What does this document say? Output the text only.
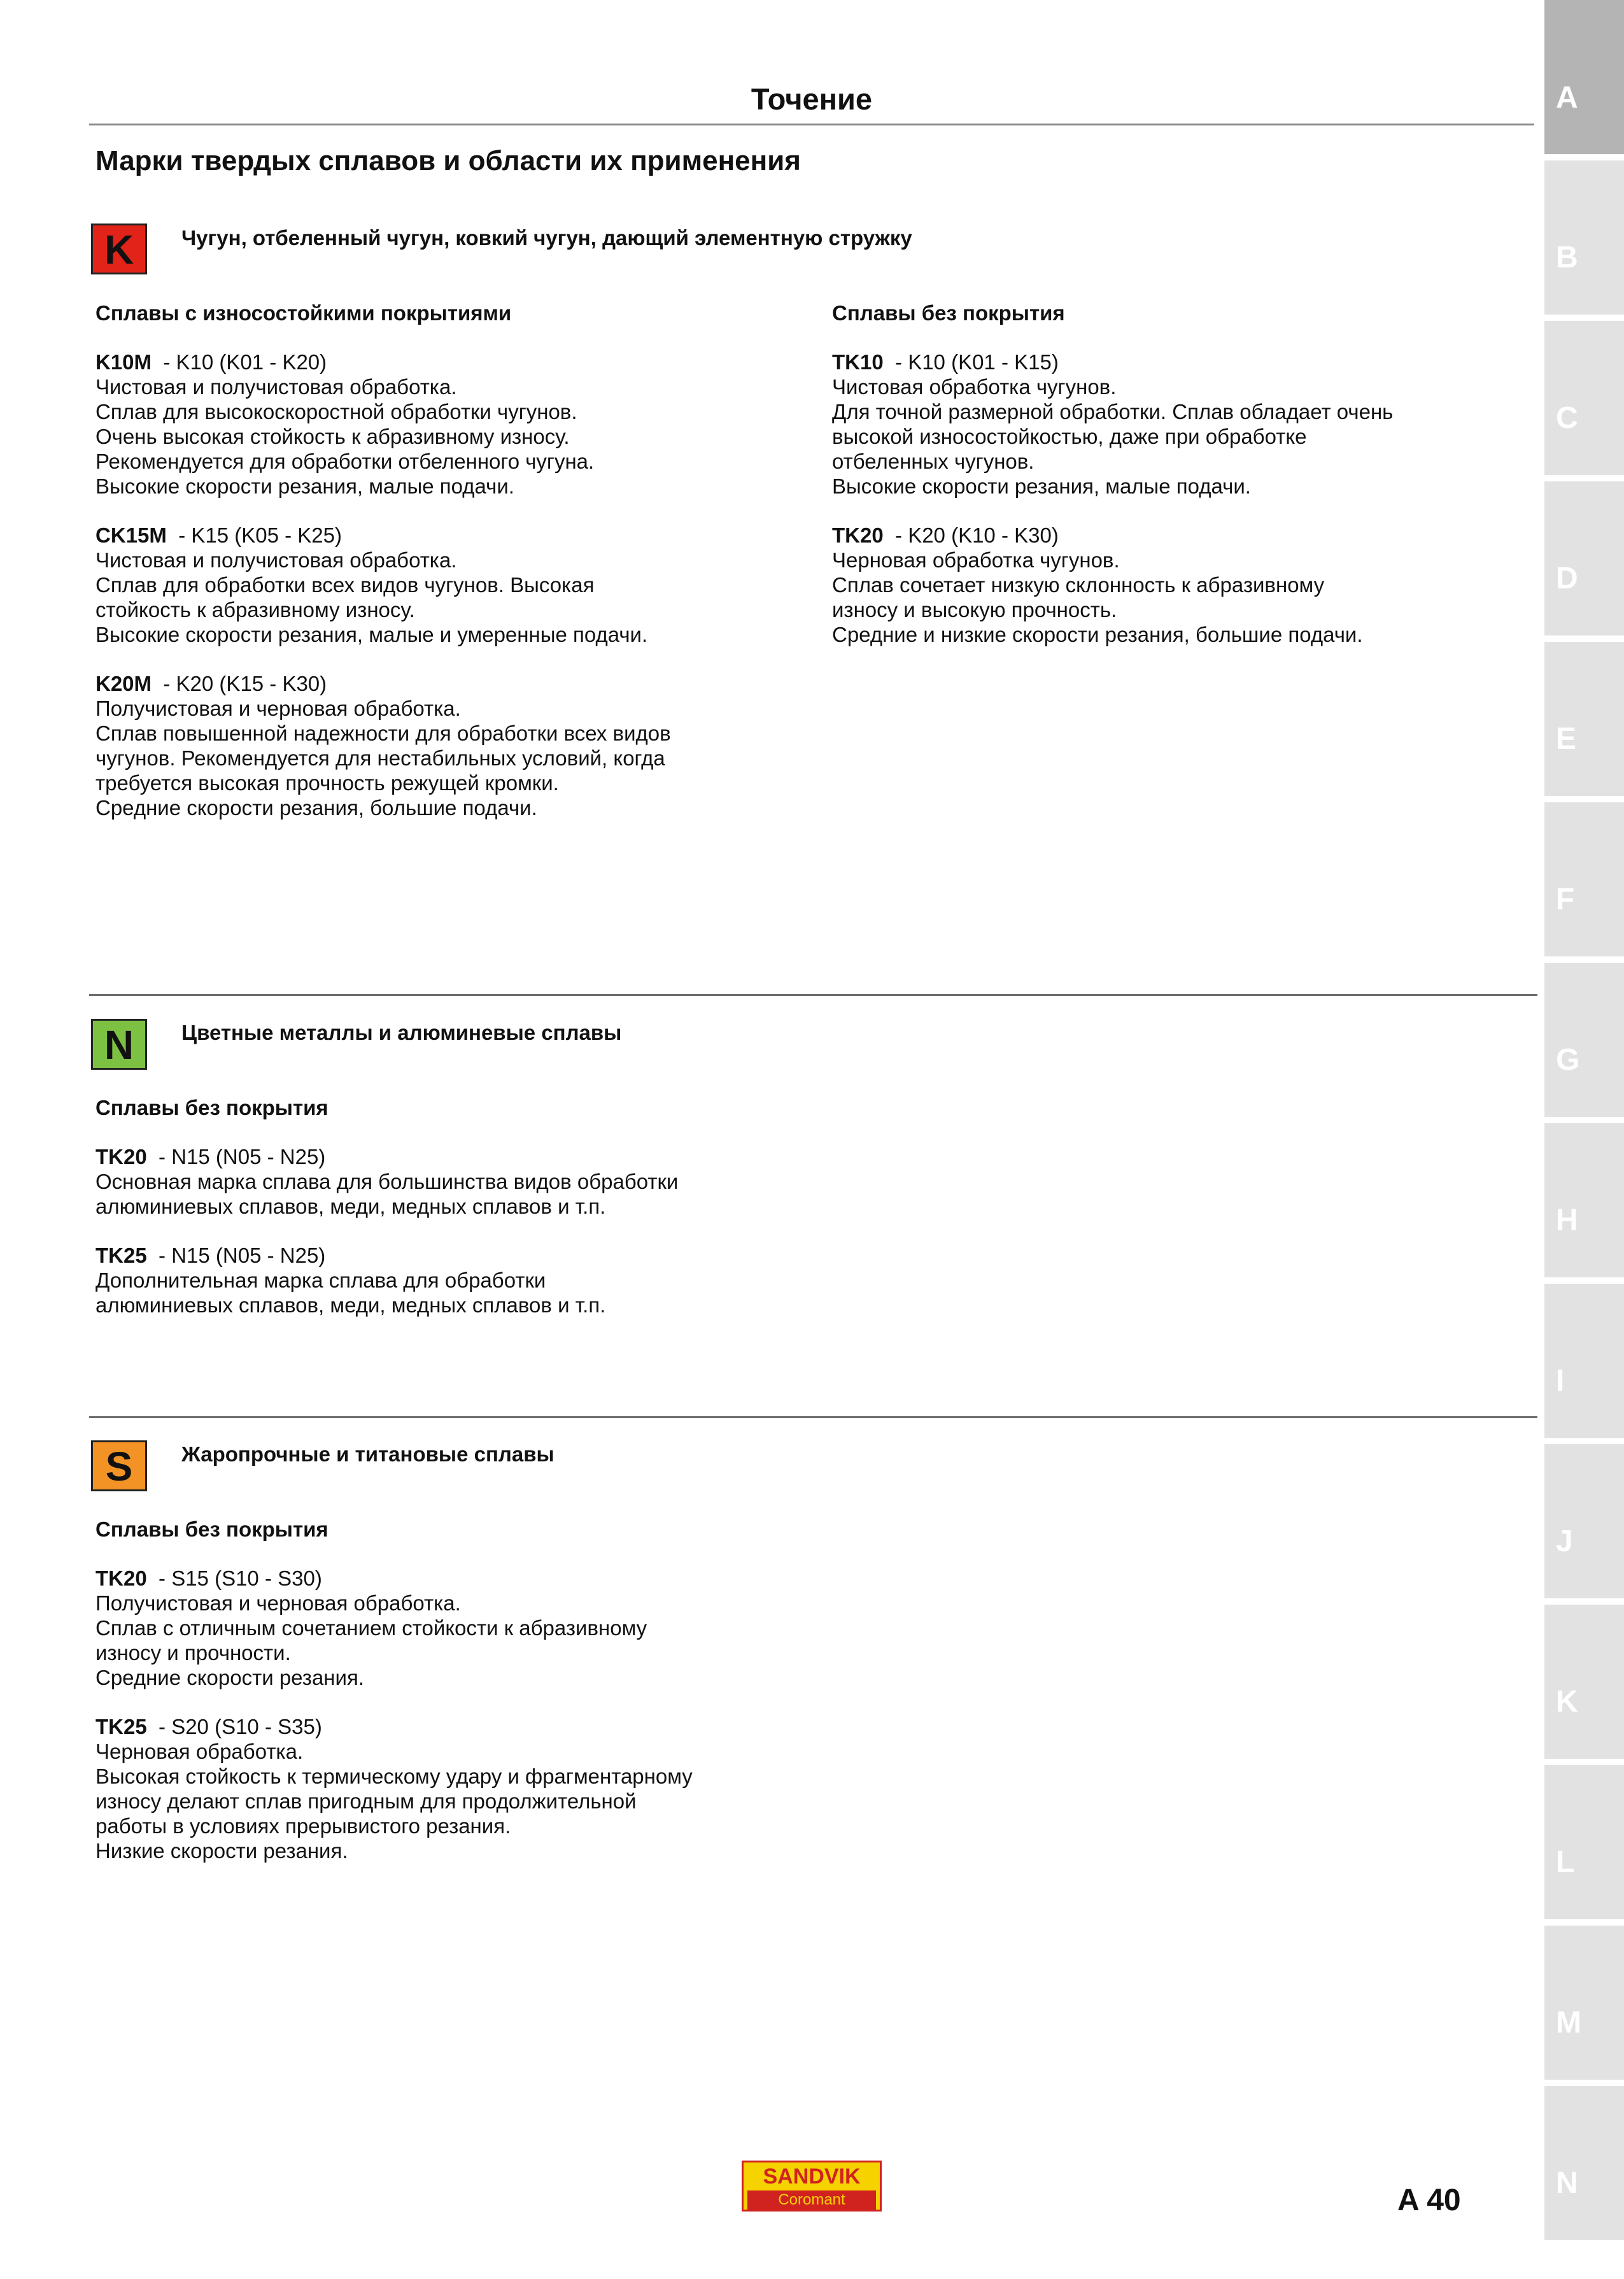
A
B
C
D
E
F
G
H
I
J
K
L
M
N
Точение
Марки твердых сплавов и области их применения
K	Чугун, отбеленный чугун, ковкий чугун, дающий элементную стружку
Сплавы с износостойкими покрытиями
K10M  - K10 (K01 - K20)
Чистовая и получистовая обработка.
Сплав для высокоскоростной обработки чугунов.
Очень высокая стойкость к абразивному износу.
Рекомендуется для обработки отбеленного чугуна.
Высокие скорости резания, малые подачи.
CK15M  - K15 (K05 - K25)
Чистовая и получистовая обработка.
Сплав для обработки всех видов чугунов. Высокая
стойкость к абразивному износу.
Высокие скорости резания, малые и умеренные подачи.
K20M  - K20 (K15 - K30)
Получистовая и черновая обработка.
Сплав повышенной надежности для обработки всех видов
чугунов. Рекомендуется для нестабильных условий, когда
требуется высокая прочность режущей кромки.
Средние скорости резания, большие подачи.
Сплавы без покрытия
TK10  - K10 (K01 - K15)
Чистовая обработка чугунов.
Для точной размерной обработки. Сплав обладает очень
высокой износостойкостью, даже при обработке
отбеленных чугунов.
Высокие скорости резания, малые подачи.
TK20  - K20 (K10 - K30)
Черновая обработка чугунов.
Сплав сочетает низкую склонность к абразивному
износу и высокую прочность.
Средние и низкие скорости резания, большие подачи.
N	Цветные металлы и алюминевые сплавы
Сплавы без покрытия
TK20  - N15 (N05 - N25)
Основная марка сплава для большинства видов обработки
алюминиевых сплавов, меди, медных сплавов и т.п.
TK25  - N15 (N05 - N25)
Дополнительная марка сплава для обработки
алюминиевых сплавов, меди, медных сплавов и т.п.
S	Жаропрочные и титановые сплавы
Сплавы без покрытия
TK20  - S15 (S10 - S30)
Получистовая и черновая обработка.
Сплав с отличным сочетанием стойкости к абразивному
износу и прочности.
Средние скорости резания.
TK25  - S20 (S10 - S35)
Черновая обработка.
Высокая стойкость к термическому удару и фрагментарному
износу делают сплав пригодным для продолжительной
работы в условиях прерывистого резания.
Низкие скорости резания.
SANDVIK
Coromant	A 40
